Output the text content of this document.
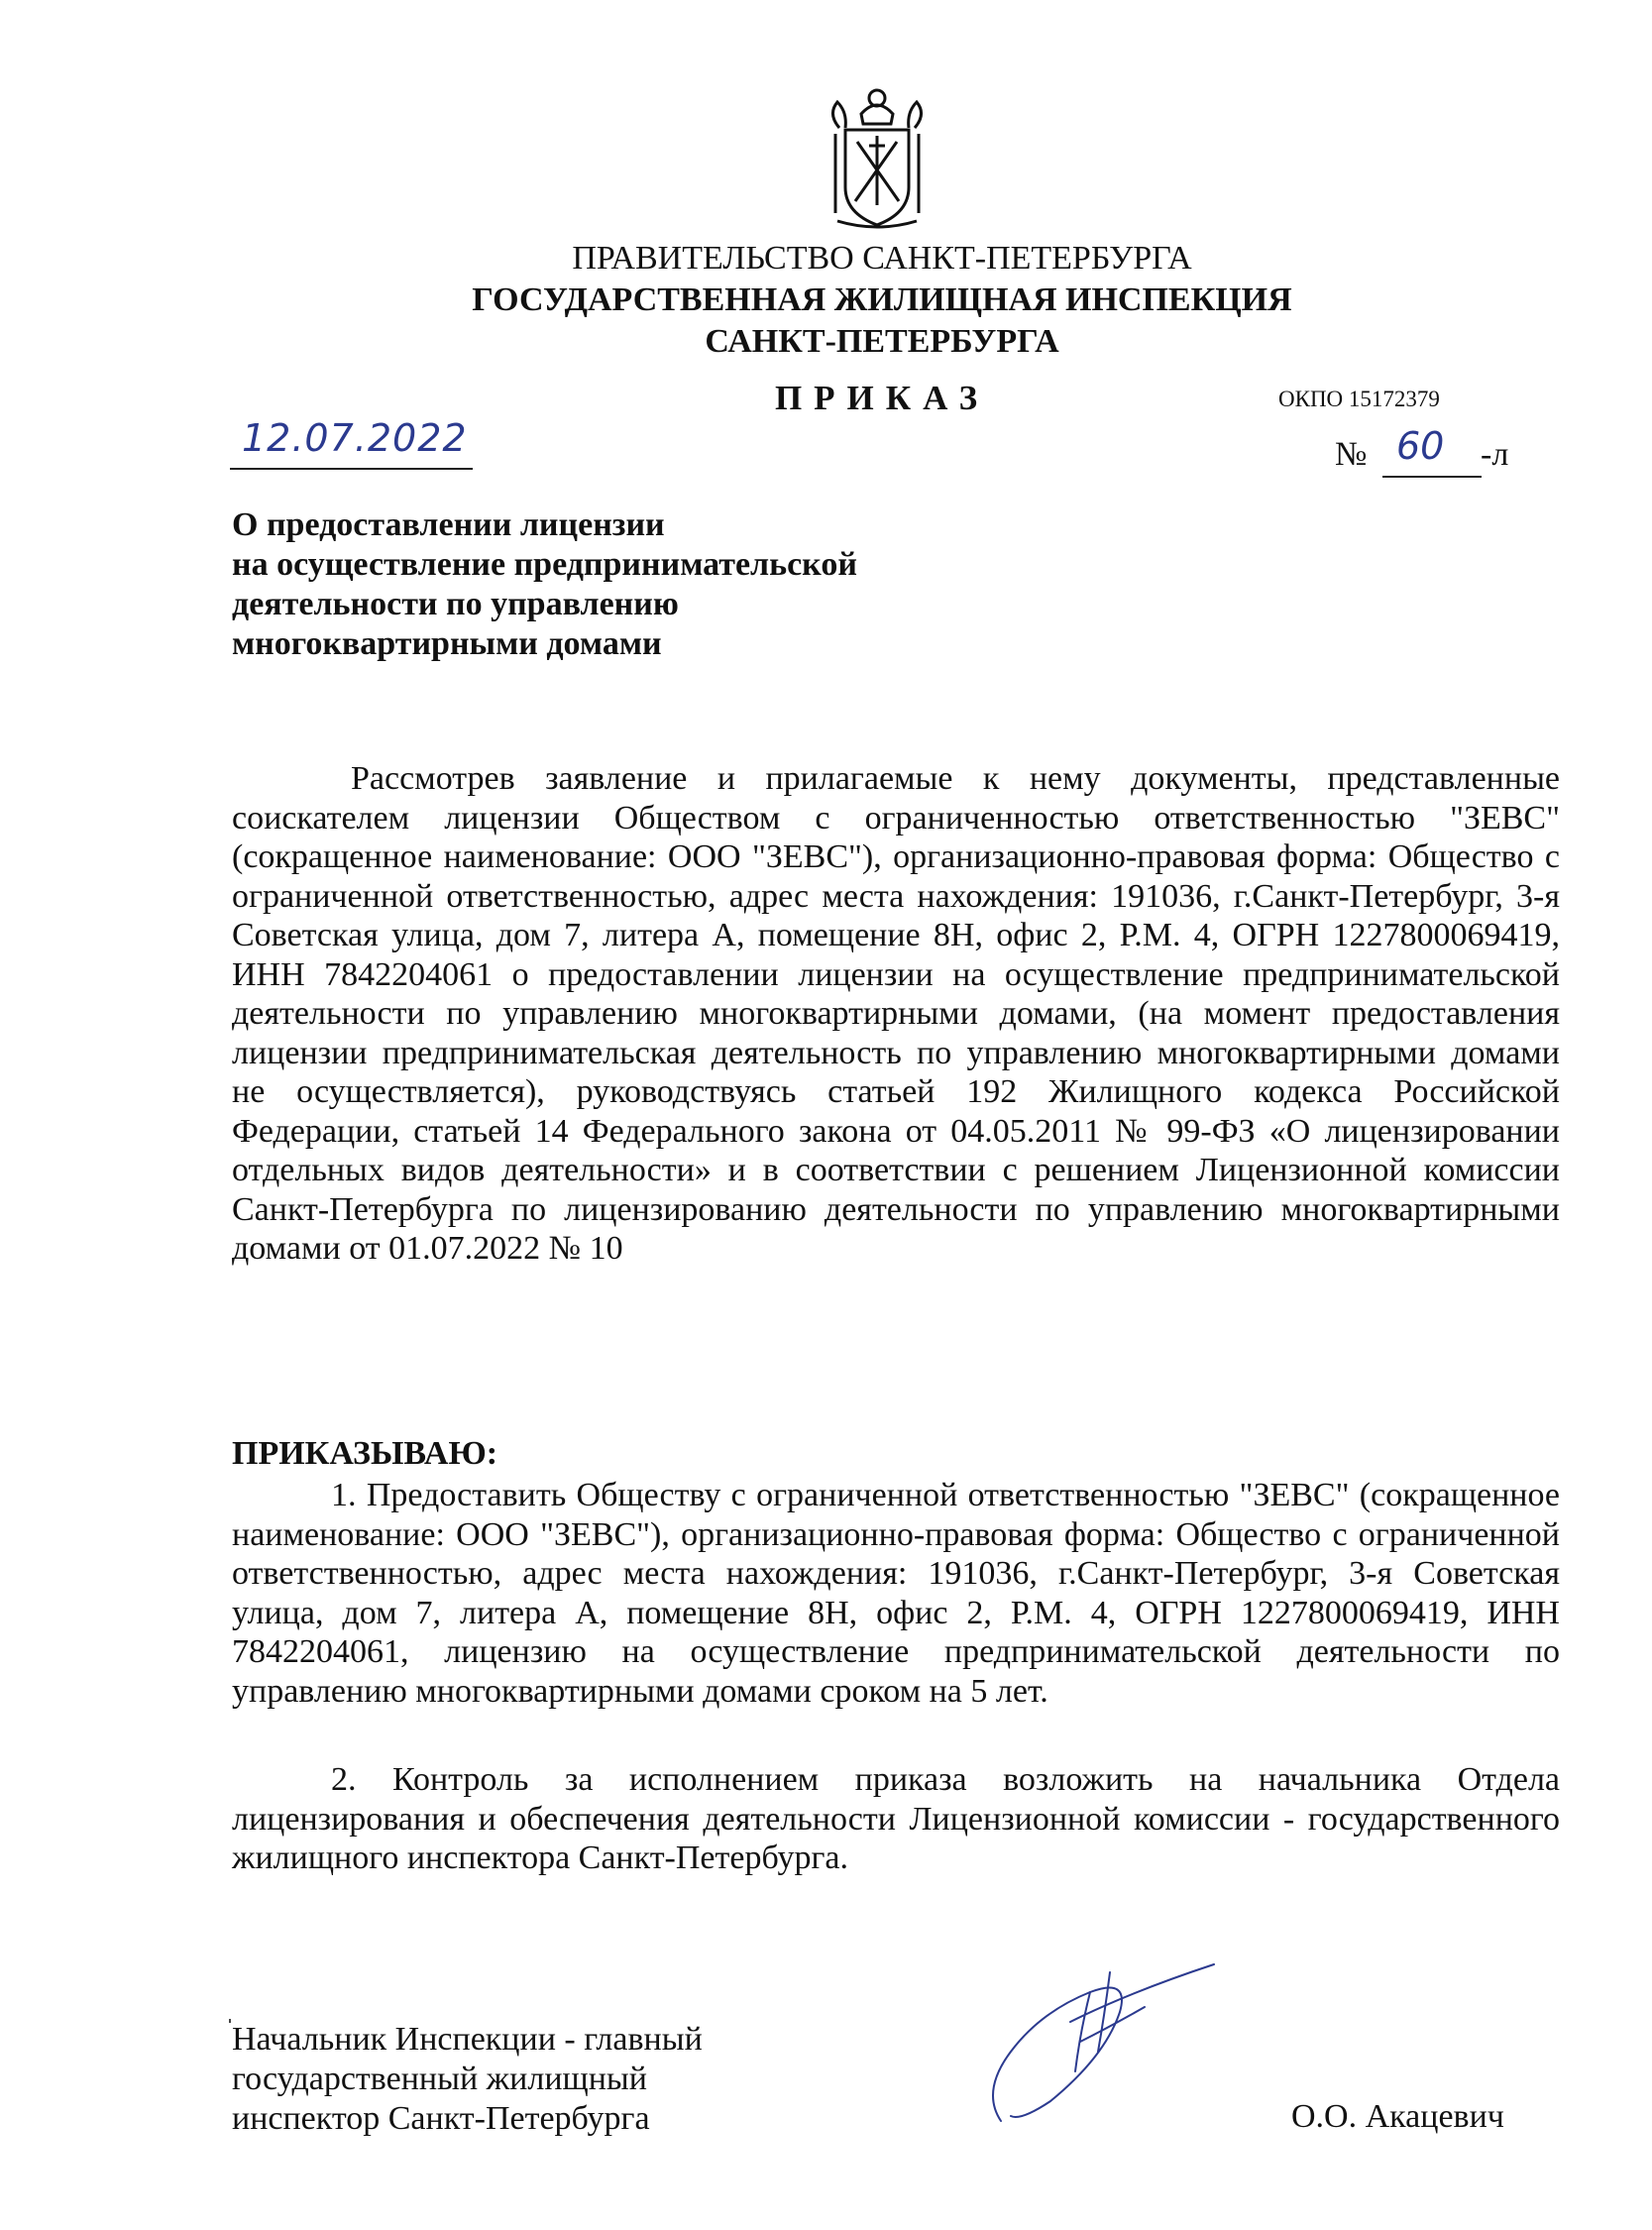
ПРАВИТЕЛЬСТВО САНКТ-ПЕТЕРБУРГА
ГОСУДАРСТВЕННАЯ ЖИЛИЩНАЯ ИНСПЕКЦИЯ
САНКТ-ПЕТЕРБУРГА
ПРИКАЗ	ОКПО 15172379
12.07.2022	№ 60 -л
О предоставлении лицензии
на осуществление предпринимательской
деятельности по управлению
многоквартирными домами
Рассмотрев заявление и прилагаемые к нему документы, представленные соискателем лицензии Обществом с ограниченностью ответственностью "ЗЕВС" (сокращенное наименование: ООО "ЗЕВС"), организационно-правовая форма: Общество с ограниченной ответственностью, адрес места нахождения: 191036, г.Санкт-Петербург, 3-я Советская улица, дом 7, литера А, помещение 8Н, офис 2, Р.М. 4, ОГРН 1227800069419, ИНН 7842204061 о предоставлении лицензии на осуществление предпринимательской деятельности по управлению многоквартирными домами, (на момент предоставления лицензии предпринимательская деятельность по управлению многоквартирными домами не осуществляется), руководствуясь статьей 192 Жилищного кодекса Российской Федерации, статьей 14 Федерального закона от 04.05.2011 № 99-ФЗ «О лицензировании отдельных видов деятельности» и в соответствии с решением Лицензионной комиссии Санкт-Петербурга по лицензированию деятельности по управлению многоквартирными домами от 01.07.2022 № 10
ПРИКАЗЫВАЮ:
1. Предоставить Обществу с ограниченной ответственностью "ЗЕВС" (сокращенное наименование: ООО "ЗЕВС"), организационно-правовая форма: Общество с ограниченной ответственностью, адрес места нахождения: 191036, г.Санкт-Петербург, 3-я Советская улица, дом 7, литера А, помещение 8Н, офис 2, Р.М. 4, ОГРН 1227800069419, ИНН 7842204061, лицензию на осуществление предпринимательской деятельности по управлению многоквартирными домами сроком на 5 лет.
2. Контроль за исполнением приказа возложить на начальника Отдела лицензирования и обеспечения деятельности Лицензионной комиссии - государственного жилищного инспектора Санкт-Петербурга.
Начальник Инспекции - главный
государственный жилищный
инспектор Санкт-Петербурга	О.О. Акацевич
